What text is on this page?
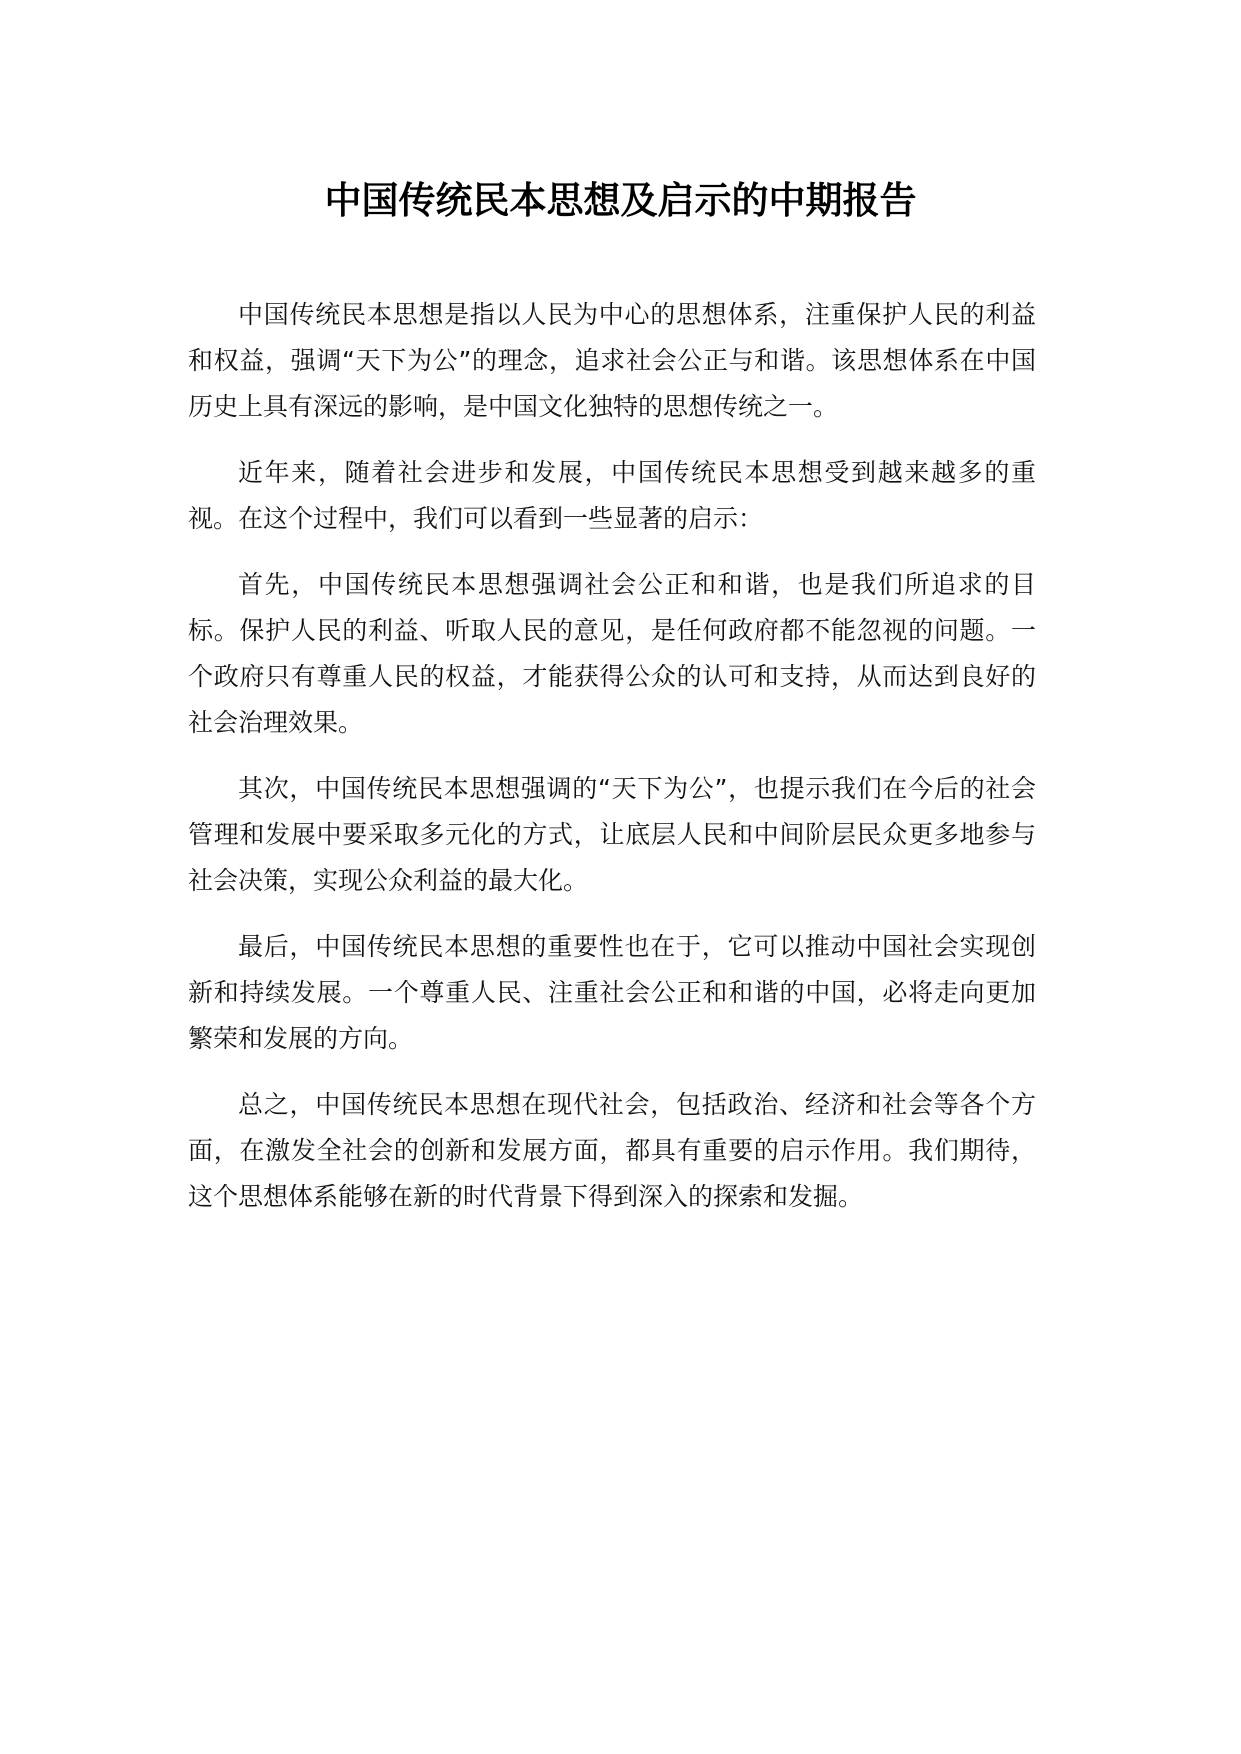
中国传统民本思想及启示的中期报告

中国传统民本思想是指以人民为中心的思想体系，注重保护人民的利益和权益，强调“天下为公”的理念，追求社会公正与和谐。该思想体系在中国历史上具有深远的影响，是中国文化独特的思想传统之一。

近年来，随着社会进步和发展，中国传统民本思想受到越来越多的重视。在这个过程中，我们可以看到一些显著的启示：

首先，中国传统民本思想强调社会公正和和谐，也是我们所追求的目标。保护人民的利益、听取人民的意见，是任何政府都不能忽视的问题。一个政府只有尊重人民的权益，才能获得公众的认可和支持，从而达到良好的社会治理效果。

其次，中国传统民本思想强调的“天下为公”，也提示我们在今后的社会管理和发展中要采取多元化的方式，让底层人民和中间阶层民众更多地参与社会决策，实现公众利益的最大化。

最后，中国传统民本思想的重要性也在于，它可以推动中国社会实现创新和持续发展。一个尊重人民、注重社会公正和和谐的中国，必将走向更加繁荣和发展的方向。

总之，中国传统民本思想在现代社会，包括政治、经济和社会等各个方面，在激发全社会的创新和发展方面，都具有重要的启示作用。我们期待，这个思想体系能够在新的时代背景下得到深入的探索和发掘。
